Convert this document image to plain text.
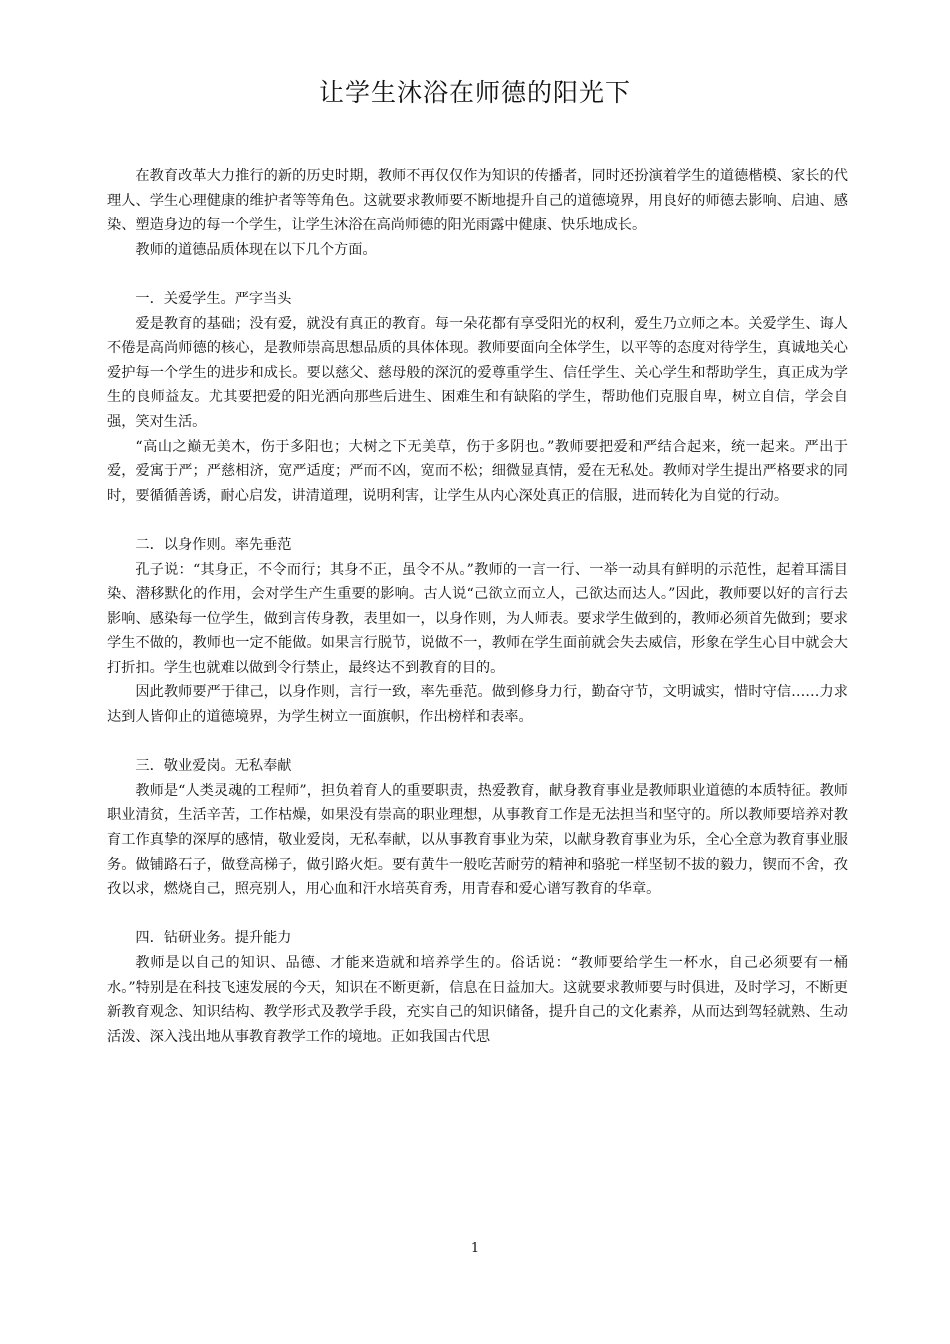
让学生沐浴在师德的阳光下

在教育改革大力推行的新的历史时期，教师不再仅仅作为知识的传播者，同时还扮演着学生的道德楷模、家长的代理人、学生心理健康的维护者等等角色。这就要求教师要不断地提升自己的道德境界，用良好的师德去影响、启迪、感染、塑造身边的每一个学生，让学生沐浴在高尚师德的阳光雨露中健康、快乐地成长。

教师的道德品质体现在以下几个方面。

一．关爱学生。严字当头

爱是教育的基础；没有爱，就没有真正的教育。每一朵花都有享受阳光的权利，爱生乃立师之本。关爱学生、诲人不倦是高尚师德的核心，是教师崇高思想品质的具体体现。教师要面向全体学生，以平等的态度对待学生，真诚地关心爱护每一个学生的进步和成长。要以慈父、慈母般的深沉的爱尊重学生、信任学生、关心学生和帮助学生，真正成为学生的良师益友。尤其要把爱的阳光洒向那些后进生、困难生和有缺陷的学生，帮助他们克服自卑，树立自信，学会自强，笑对生活。

“高山之巅无美木，伤于多阳也；大树之下无美草，伤于多阴也。”教师要把爱和严结合起来，统一起来。严出于爱，爱寓于严；严慈相济，宽严适度；严而不凶，宽而不松；细微显真情，爱在无私处。教师对学生提出严格要求的同时，要循循善诱，耐心启发，讲清道理，说明利害，让学生从内心深处真正的信服，进而转化为自觉的行动。

二．以身作则。率先垂范

孔子说：“其身正，不令而行；其身不正，虽令不从。”教师的一言一行、一举一动具有鲜明的示范性，起着耳濡目染、潜移默化的作用，会对学生产生重要的影响。古人说“己欲立而立人，己欲达而达人。”因此，教师要以好的言行去影响、感染每一位学生，做到言传身教，表里如一，以身作则，为人师表。要求学生做到的，教师必须首先做到；要求学生不做的，教师也一定不能做。如果言行脱节，说做不一，教师在学生面前就会失去威信，形象在学生心目中就会大打折扣。学生也就难以做到令行禁止，最终达不到教育的目的。

因此教师要严于律己，以身作则，言行一致，率先垂范。做到修身力行，勤奋守节，文明诚实，惜时守信……力求达到人皆仰止的道德境界，为学生树立一面旗帜，作出榜样和表率。

三．敬业爱岗。无私奉献

教师是“人类灵魂的工程师”，担负着育人的重要职责，热爱教育，献身教育事业是教师职业道德的本质特征。教师职业清贫，生活辛苦，工作枯燥，如果没有崇高的职业理想，从事教育工作是无法担当和坚守的。所以教师要培养对教育工作真挚的深厚的感情，敬业爱岗，无私奉献，以从事教育事业为荣，以献身教育事业为乐，全心全意为教育事业服务。做铺路石子，做登高梯子，做引路火炬。要有黄牛一般吃苦耐劳的精神和骆驼一样坚韧不拔的毅力，锲而不舍，孜孜以求，燃烧自己，照亮别人，用心血和汗水培英育秀，用青春和爱心谱写教育的华章。

四．钻研业务。提升能力

教师是以自己的知识、品德、才能来造就和培养学生的。俗话说：“教师要给学生一杯水，自己必须要有一桶水。”特别是在科技飞速发展的今天，知识在不断更新，信息在日益加大。这就要求教师要与时俱进，及时学习，不断更新教育观念、知识结构、教学形式及教学手段，充实自己的知识储备，提升自己的文化素养，从而达到驾轻就熟、生动活泼、深入浅出地从事教育教学工作的境地。正如我国古代思

1
